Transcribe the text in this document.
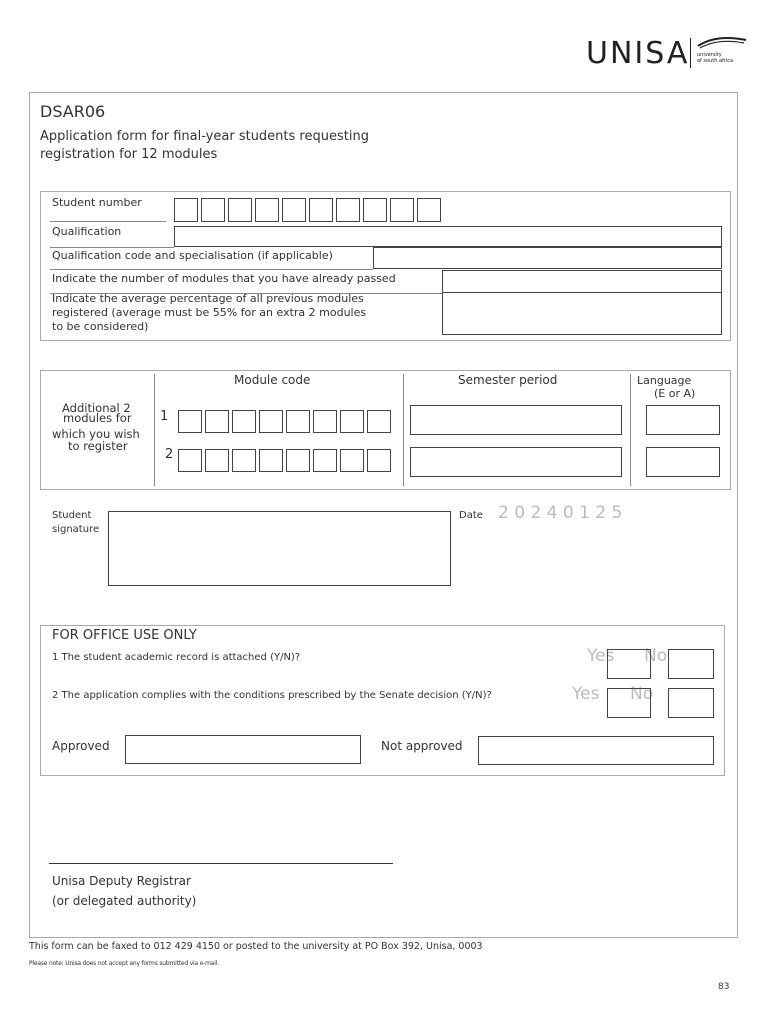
UNISA university
of south africa
DSAR06
Application form for final-year students requesting
registration for 12 modules
Student number
Qualification
Qualification code and specialisation (if applicable)
Indicate the number of modules that you have already passed
Indicate the average percentage of all previous modules
registered (average must be 55% for an extra 2 modules
to be considered)
Additional 2
modules for
which you wish
to register
Module code	Semester period	Language
(E or A)
1
2
Student
signature
Date 2 0 2 4 0 1 2 5
FOR OFFICE USE ONLY
1 The student academic record is attached (Y/N)?	Yes No
2 The application complies with the conditions prescribed by the Senate decision (Y/N)?	Yes No
Approved	Not approved
Unisa Deputy Registrar
(or delegated authority)
This form can be faxed to 012 429 4150 or posted to the university at PO Box 392, Unisa, 0003
Please note: Unisa does not accept any forms submitted via e-mail.
83
